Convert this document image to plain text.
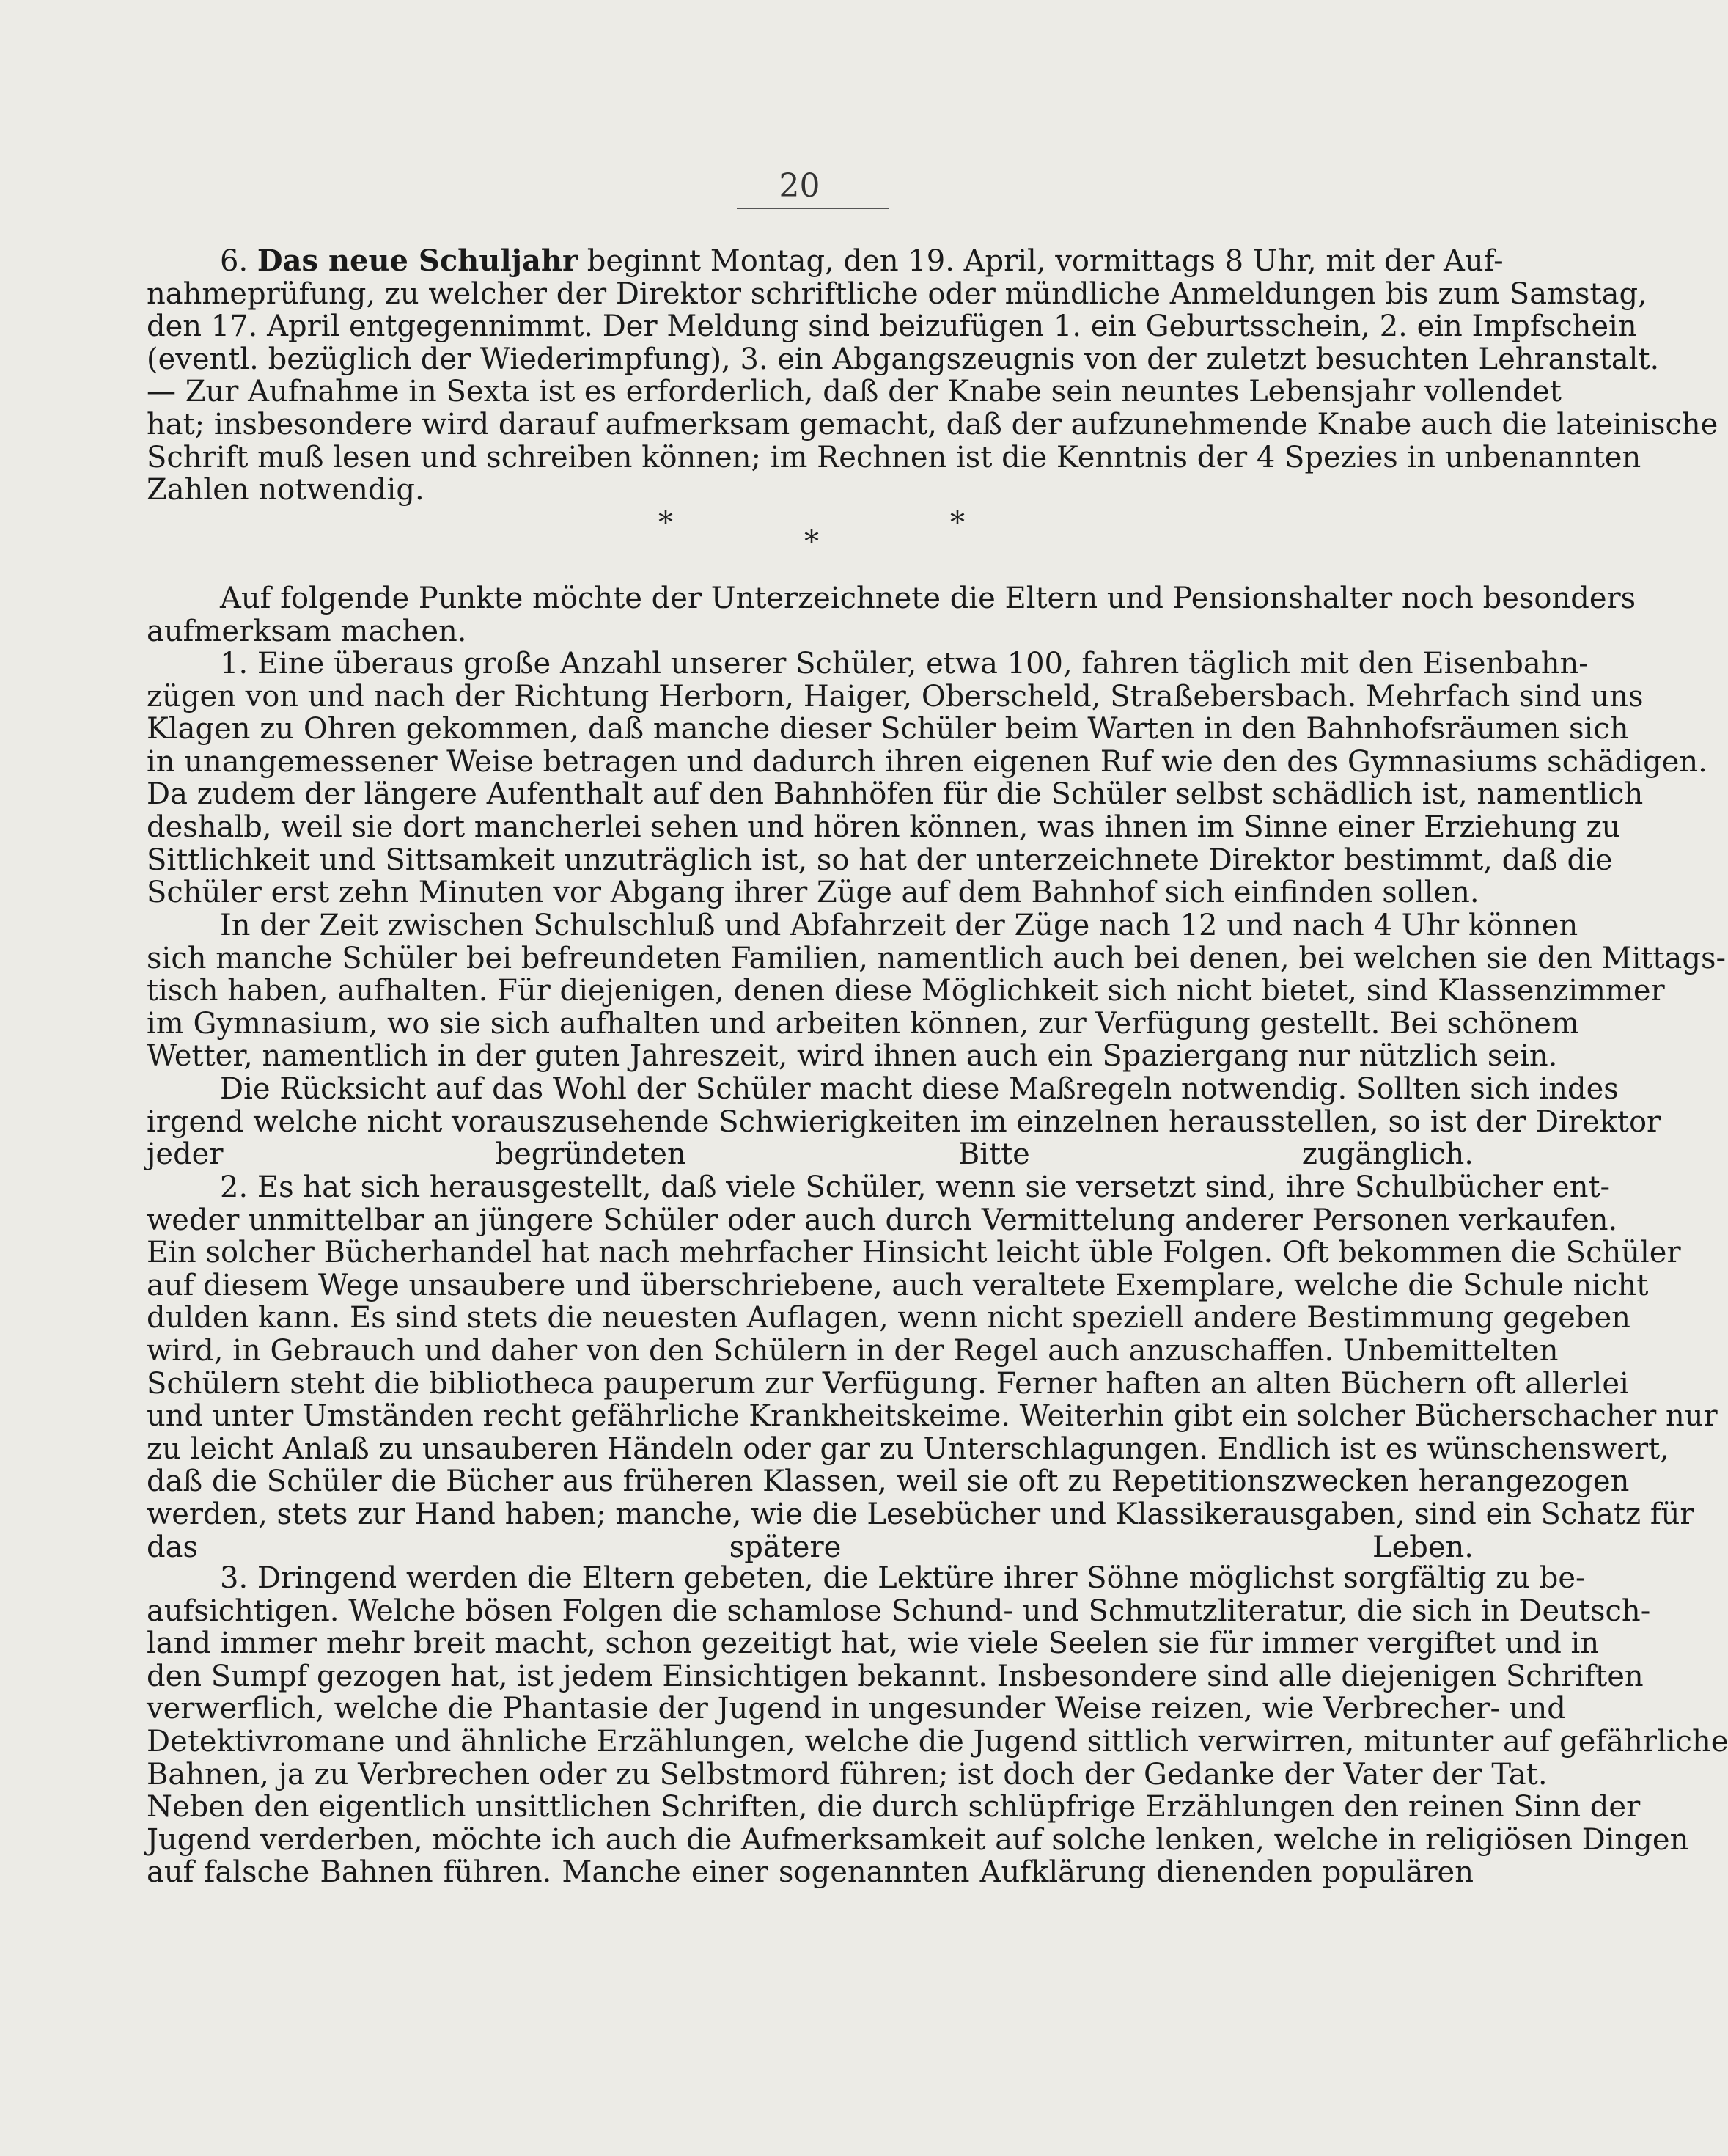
20
6. Das neue Schuljahr beginnt Montag, den 19. April, vormittags 8 Uhr, mit der Auf-
nahmeprüfung, zu welcher der Direktor schriftliche oder mündliche Anmeldungen bis zum Samstag,
den 17. April entgegennimmt. Der Meldung sind beizufügen 1. ein Geburtsschein, 2. ein Impfschein
(eventl. bezüglich der Wiederimpfung), 3. ein Abgangszeugnis von der zuletzt besuchten Lehranstalt.
— Zur Aufnahme in Sexta ist es erforderlich, daß der Knabe sein neuntes Lebensjahr vollendet
hat; insbesondere wird darauf aufmerksam gemacht, daß der aufzunehmende Knabe auch die lateinische
Schrift muß lesen und schreiben können; im Rechnen ist die Kenntnis der 4 Spezies in unbenannten
Zahlen notwendig.
*	*
*
Auf folgende Punkte möchte der Unterzeichnete die Eltern und Pensionshalter noch besonders
aufmerksam machen.
1. Eine überaus große Anzahl unserer Schüler, etwa 100, fahren täglich mit den Eisenbahn-
zügen von und nach der Richtung Herborn, Haiger, Oberscheld, Straßebersbach. Mehrfach sind uns
Klagen zu Ohren gekommen, daß manche dieser Schüler beim Warten in den Bahnhofsräumen sich
in unangemessener Weise betragen und dadurch ihren eigenen Ruf wie den des Gymnasiums schädigen.
Da zudem der längere Aufenthalt auf den Bahnhöfen für die Schüler selbst schädlich ist, namentlich
deshalb, weil sie dort mancherlei sehen und hören können, was ihnen im Sinne einer Erziehung zu
Sittlichkeit und Sittsamkeit unzuträglich ist, so hat der unterzeichnete Direktor bestimmt, daß die
Schüler erst zehn Minuten vor Abgang ihrer Züge auf dem Bahnhof sich einfinden sollen.
In der Zeit zwischen Schulschluß und Abfahrzeit der Züge nach 12 und nach 4 Uhr können
sich manche Schüler bei befreundeten Familien, namentlich auch bei denen, bei welchen sie den Mittags-
tisch haben, aufhalten. Für diejenigen, denen diese Möglichkeit sich nicht bietet, sind Klassenzimmer
im Gymnasium, wo sie sich aufhalten und arbeiten können, zur Verfügung gestellt. Bei schönem
Wetter, namentlich in der guten Jahreszeit, wird ihnen auch ein Spaziergang nur nützlich sein.
Die Rücksicht auf das Wohl der Schüler macht diese Maßregeln notwendig. Sollten sich indes
irgend welche nicht vorauszusehende Schwierigkeiten im einzelnen herausstellen, so ist der Direktor
jeder begründeten Bitte zugänglich.
2. Es hat sich herausgestellt, daß viele Schüler, wenn sie versetzt sind, ihre Schulbücher ent-
weder unmittelbar an jüngere Schüler oder auch durch Vermittelung anderer Personen verkaufen.
Ein solcher Bücherhandel hat nach mehrfacher Hinsicht leicht üble Folgen. Oft bekommen die Schüler
auf diesem Wege unsaubere und überschriebene, auch veraltete Exemplare, welche die Schule nicht
dulden kann. Es sind stets die neuesten Auflagen, wenn nicht speziell andere Bestimmung gegeben
wird, in Gebrauch und daher von den Schülern in der Regel auch anzuschaffen. Unbemittelten
Schülern steht die bibliotheca pauperum zur Verfügung. Ferner haften an alten Büchern oft allerlei
und unter Umständen recht gefährliche Krankheitskeime. Weiterhin gibt ein solcher Bücherschacher nur
zu leicht Anlaß zu unsauberen Händeln oder gar zu Unterschlagungen. Endlich ist es wünschenswert,
daß die Schüler die Bücher aus früheren Klassen, weil sie oft zu Repetitionszwecken herangezogen
werden, stets zur Hand haben; manche, wie die Lesebücher und Klassikerausgaben, sind ein Schatz für
das spätere Leben.
3. Dringend werden die Eltern gebeten, die Lektüre ihrer Söhne möglichst sorgfältig zu be-
aufsichtigen. Welche bösen Folgen die schamlose Schund- und Schmutzliteratur, die sich in Deutsch-
land immer mehr breit macht, schon gezeitigt hat, wie viele Seelen sie für immer vergiftet und in
den Sumpf gezogen hat, ist jedem Einsichtigen bekannt. Insbesondere sind alle diejenigen Schriften
verwerflich, welche die Phantasie der Jugend in ungesunder Weise reizen, wie Verbrecher- und
Detektivromane und ähnliche Erzählungen, welche die Jugend sittlich verwirren, mitunter auf gefährliche
Bahnen, ja zu Verbrechen oder zu Selbstmord führen; ist doch der Gedanke der Vater der Tat.
Neben den eigentlich unsittlichen Schriften, die durch schlüpfrige Erzählungen den reinen Sinn der
Jugend verderben, möchte ich auch die Aufmerksamkeit auf solche lenken, welche in religiösen Dingen
auf falsche Bahnen führen. Manche einer sogenannten Aufklärung dienenden populären
